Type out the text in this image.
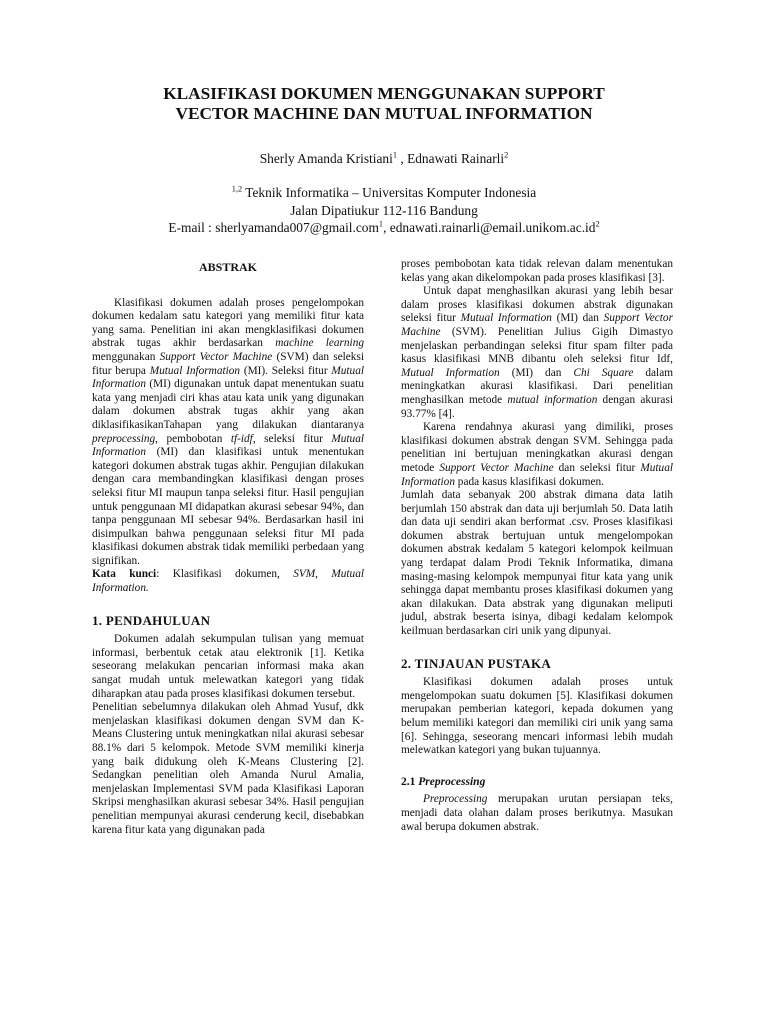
KLASIFIKASI DOKUMEN MENGGUNAKAN SUPPORT
VECTOR MACHINE DAN MUTUAL INFORMATION
Sherly Amanda Kristiani$^1$ , Ednawati Rainarli$^2$
$^{1,2}$ Teknik Informatika – Universitas Komputer Indonesia
Jalan Dipatiukur 112-116 Bandung
E-mail : sherlyamanda007@gmail.com$^1$, $ednawati.rainarli@email.unikom.ac.id^2$
ABSTRAK

Klasifikasi dokumen adalah proses pengelompokan dokumen kedalam satu kategori yang memiliki fitur kata yang sama. Penelitian ini akan mengklasifikasi dokumen abstrak tugas akhir berdasarkan machine learning menggunakan Support Vector Machine (SVM) dan seleksi fitur berupa Mutual Information (MI). Seleksi fitur Mutual Information (MI) digunakan untuk dapat menentukan suatu kata yang menjadi ciri khas atau kata unik yang digunakan dalam dokumen abstrak tugas akhir yang akan diklasifikasikanTahapan yang dilakukan diantaranya preprocessing, pembobotan tf-idf, seleksi fitur Mutual Information (MI) dan klasifikasi untuk menentukan kategori dokumen abstrak tugas akhir. Pengujian dilakukan dengan cara membandingkan klasifikasi dengan proses seleksi fitur MI maupun tanpa seleksi fitur. Hasil pengujian untuk penggunaan MI didapatkan akurasi sebesar 94%, dan tanpa penggunaan MI sebesar 94%. Berdasarkan hasil ini disimpulkan bahwa penggunaan seleksi fitur MI pada klasifikasi dokumen abstrak tidak memiliki perbedaan yang signifikan.

Kata kunci: Klasifikasi dokumen, SVM, Mutual Information.

1. PENDAHULUAN

Dokumen adalah sekumpulan tulisan yang memuat informasi, berbentuk cetak atau elektronik [1]. Ketika seseorang melakukan pencarian informasi maka akan sangat mudah untuk melewatkan kategori yang tidak diharapkan atau pada proses klasifikasi dokumen tersebut.

Penelitian sebelumnya dilakukan oleh Ahmad Yusuf, dkk menjelaskan klasifikasi dokumen dengan SVM dan K-Means Clustering untuk meningkatkan nilai akurasi sebesar 88.1% dari 5 kelompok. Metode SVM memiliki kinerja yang baik didukung oleh K-Means Clustering [2]. Sedangkan penelitian oleh Amanda Nurul Amalia, menjelaskan Implementasi SVM pada Klasifikasi Laporan Skripsi menghasilkan akurasi sebesar 34%. Hasil pengujian penelitian mempunyai akurasi cenderung kecil, disebabkan karena fitur kata yang digunakan pada

proses pembobotan kata tidak relevan dalam menentukan kelas yang akan dikelompokan pada proses klasifikasi [3].

Untuk dapat menghasilkan akurasi yang lebih besar dalam proses klasifikasi dokumen abstrak digunakan seleksi fitur Mutual Information (MI) dan Support Vector Machine (SVM). Penelitian Julius Gigih Dimastyo menjelaskan perbandingan seleksi fitur spam filter pada kasus klasifikasi MNB dibantu oleh seleksi fitur Idf, Mutual Information (MI) dan Chi Square dalam meningkatkan akurasi klasifikasi. Dari penelitian menghasilkan metode mutual information dengan akurasi 93.77% [4].

Karena rendahnya akurasi yang dimiliki, proses klasifikasi dokumen abstrak dengan SVM. Sehingga pada penelitian ini bertujuan meningkatkan akurasi dengan metode Support Vector Machine dan seleksi fitur Mutual Information pada kasus klasifikasi dokumen.

Jumlah data sebanyak 200 abstrak dimana data latih berjumlah 150 abstrak dan data uji berjumlah 50. Data latih dan data uji sendiri akan berformat .csv. Proses klasifikasi dokumen abstrak bertujuan untuk mengelompokan dokumen abstrak kedalam 5 kategori kelompok keilmuan yang terdapat dalam Prodi Teknik Informatika, dimana masing-masing kelompok mempunyai fitur kata yang unik sehingga dapat membantu proses klasifikasi dokumen yang akan dilakukan. Data abstrak yang digunakan meliputi judul, abstrak beserta isinya, dibagi kedalam kelompok keilmuan berdasarkan ciri unik yang dipunyai.

2. TINJAUAN PUSTAKA

Klasifikasi dokumen adalah proses untuk mengelompokan suatu dokumen [5]. Klasifikasi dokumen merupakan pemberian kategori, kepada dokumen yang belum memiliki kategori dan memiliki ciri unik yang sama [6]. Sehingga, seseorang mencari informasi lebih mudah melewatkan kategori yang bukan tujuannya.

2.1 Preprocessing

Preprocessing merupakan urutan persiapan teks, menjadi data olahan dalam proses berikutnya. Masukan awal berupa dokumen abstrak.
